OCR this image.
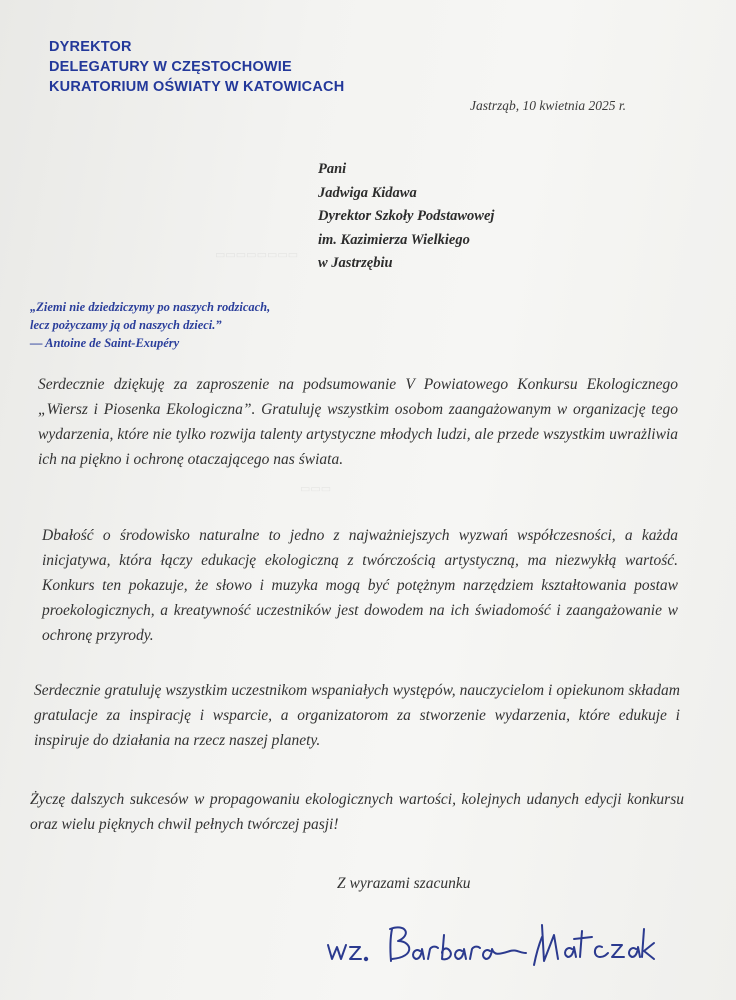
▭▭▭▭▭▭▭▭
▭▭▭
DYREKTOR
DELEGATURY W CZĘSTOCHOWIE
KURATORIUM OŚWIATY W KATOWICACH
Jastrząb, 10 kwietnia 2025 r.
Pani
Jadwiga Kidawa
Dyrektor Szkoły Podstawowej
im. Kazimierza Wielkiego
w Jastrzębiu
„Ziemi nie dziedziczymy po naszych rodzicach,
lecz pożyczamy ją od naszych dzieci.”
— Antoine de Saint-Exupéry
Serdecznie dziękuję za zaproszenie na podsumowanie V Powiatowego Konkursu Ekologicznego „Wiersz i Piosenka Ekologiczna”. Gratuluję wszystkim osobom zaangażowanym w organizację tego wydarzenia, które nie tylko rozwija talenty artystyczne młodych ludzi, ale przede wszystkim uwrażliwia ich na piękno i ochronę otaczającego nas świata.
Dbałość o środowisko naturalne to jedno z najważniejszych wyzwań współczesności, a każda inicjatywa, która łączy edukację ekologiczną z twórczością artystyczną, ma niezwykłą wartość. Konkurs ten pokazuje, że słowo i muzyka mogą być potężnym narzędziem kształtowania postaw proekologicznych, a kreatywność uczestników jest dowodem na ich świadomość i zaangażowanie w ochronę przyrody.
Serdecznie gratuluję wszystkim uczestnikom wspaniałych występów, nauczycielom i opiekunom składam gratulacje za inspirację i wsparcie, a organizatorom za stworzenie wydarzenia, które edukuje i inspiruje do działania na rzecz naszej planety.
Życzę dalszych sukcesów w propagowaniu ekologicznych wartości, kolejnych udanych edycji konkursu oraz wielu pięknych chwil pełnych twórczej pasji!
Z wyrazami szacunku
